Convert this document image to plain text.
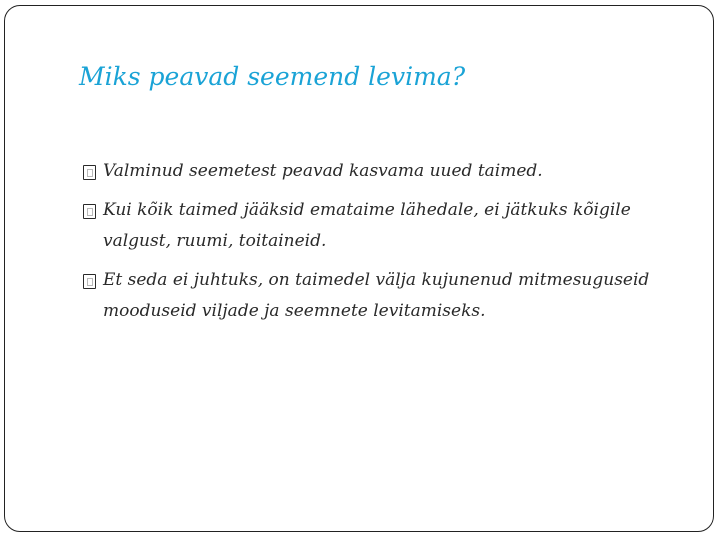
Miks peavad seemend levima?
Valminud seemetest peavad kasvama uued taimed.
Kui kõik taimed jääksid emataime lähedale, ei jätkuks kõigile valgust, ruumi, toitaineid.
Et seda ei juhtuks, on taimedel välja kujunenud mitmesuguseid mooduseid viljade ja seemnete levitamiseks.
